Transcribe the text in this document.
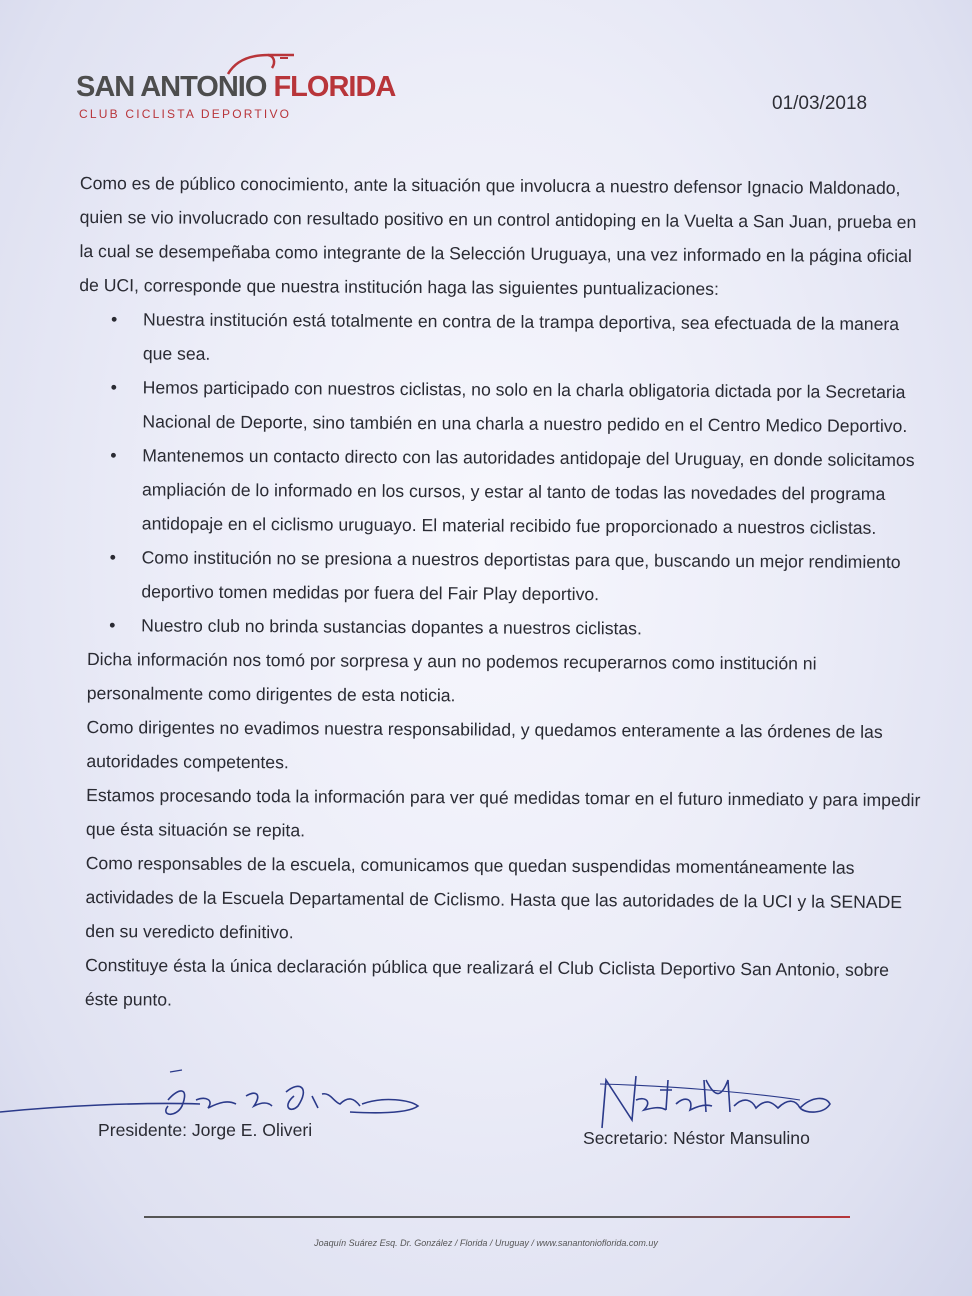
SAN ANTONIO FLORIDA
CLUB CICLISTA DEPORTIVO	01/03/2018

Como es de público conocimiento, ante la situación que involucra a nuestro defensor Ignacio Maldonado, quien se vio involucrado con resultado positivo en un control antidoping en la Vuelta a San Juan, prueba en la cual se desempeñaba como integrante de la Selección Uruguaya, una vez informado en la página oficial de UCI, corresponde que nuestra institución haga las siguientes puntualizaciones:

• Nuestra institución está totalmente en contra de la trampa deportiva, sea efectuada de la manera que sea.
• Hemos participado con nuestros ciclistas, no solo en la charla obligatoria dictada por la Secretaria Nacional de Deporte, sino también en una charla a nuestro pedido en el Centro Medico Deportivo.
• Mantenemos un contacto directo con las autoridades antidopaje del Uruguay, en donde solicitamos ampliación de lo informado en los cursos, y estar al tanto de todas las novedades del programa antidopaje en el ciclismo uruguayo. El material recibido fue proporcionado a nuestros ciclistas.
• Como institución no se presiona a nuestros deportistas para que, buscando un mejor rendimiento deportivo tomen medidas por fuera del Fair Play deportivo.
• Nuestro club no brinda sustancias dopantes a nuestros ciclistas.

Dicha información nos tomó por sorpresa y aun no podemos recuperarnos como institución ni personalmente como dirigentes de esta noticia.

Como dirigentes no evadimos nuestra responsabilidad, y quedamos enteramente a las órdenes de las autoridades competentes.

Estamos procesando toda la información para ver qué medidas tomar en el futuro inmediato y para impedir que ésta situación se repita.

Como responsables de la escuela, comunicamos que quedan suspendidas momentáneamente las actividades de la Escuela Departamental de Ciclismo. Hasta que las autoridades de la UCI y la SENADE den su veredicto definitivo.

Constituye ésta la única declaración pública que realizará el Club Ciclista Deportivo San Antonio, sobre éste punto.

Presidente: Jorge E. Oliveri	Secretario: Néstor Mansulino
Joaquín Suárez Esq. Dr. González / Florida / Uruguay / www.sanantonioflorida.com.uy
